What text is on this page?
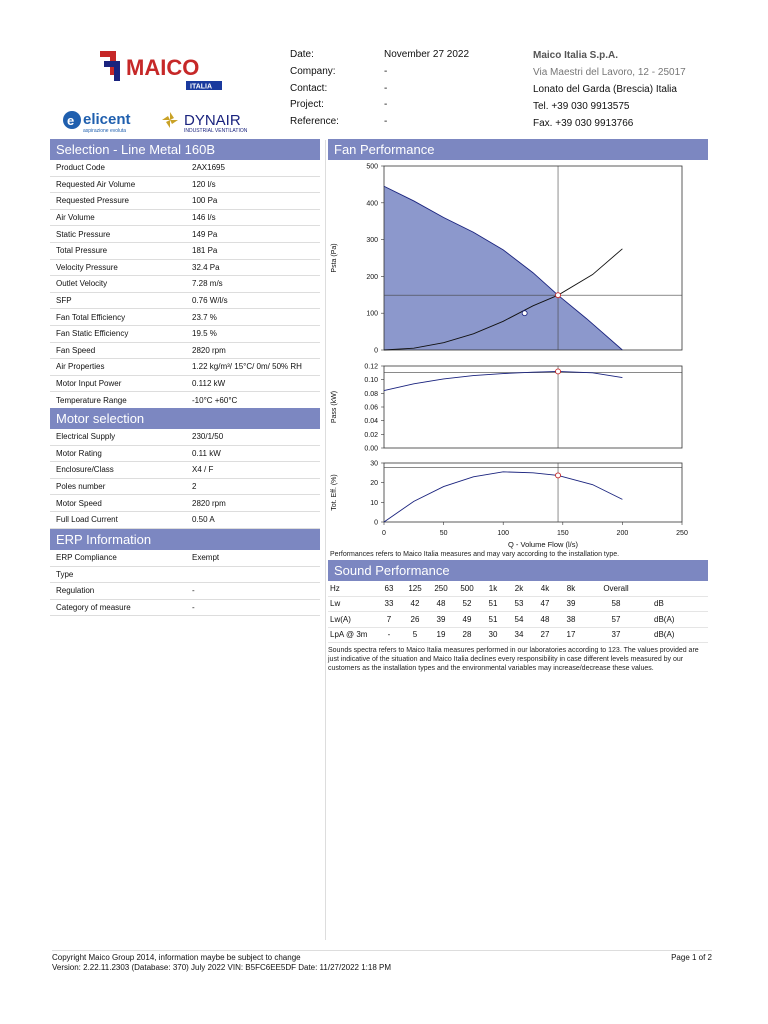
MAICO
ITALIA
e elicent
aspirazione evoluta
DYNAIR
INDUSTRIAL VENTILATION
Date:	November 27 2022
Company:	-
Contact:	-
Project:	-
Reference:	-
Maico Italia S.p.A.
Via Maestri del Lavoro, 12 - 25017
Lonato del Garda (Brescia) Italia
Tel. +39 030 9913575
Fax. +39 030 9913766
Selection - Line Metal 160B
Product Code	2AX1695
Requested Air Volume	120 l/s
Requested Pressure	100 Pa
Air Volume	146 l/s
Static Pressure	149 Pa
Total Pressure	181 Pa
Velocity Pressure	32.4 Pa
Outlet Velocity	7.28 m/s
SFP	0.76 W/l/s
Fan Total Efficiency	23.7 %
Fan Static Efficiency	19.5 %
Fan Speed	2820 rpm
Air Properties	1.22 kg/m³/ 15°C/ 0m/ 50% RH
Motor Input Power	0.112 kW
Temperature Range	-10°C +60°C
Motor selection
Electrical Supply	230/1/50
Motor Rating	0.11 kW
Enclosure/Class	X4 / F
Poles number	2
Motor Speed	2820 rpm
Full Load Current	0.50 A
ERP Information
ERP Compliance	Exempt
Type
Regulation	-
Category of measure	-
Fan Performance
0
100
200
300
400
500
Psta (Pa)
0.00
0.02
0.04
0.06
0.08
0.10
0.12
Pass (kW)
0
10
20
30
Tot. Eff. (%)
0	50	100	150	200	250
Q - Volume Flow (l/s)
Performances refers to Maico Italia measures and may vary according to the installation type.
Sound Performance
Hz	63	125	250	500	1k	2k	4k	8k	Overall
Lw	33	42	48	52	51	53	47	39	58	dB
Lw(A)	7	26	39	49	51	54	48	38	57	dB(A)
LpA @ 3m	-	5	19	28	30	34	27	17	37	dB(A)
Sounds spectra refers to Maico Italia measures performed in our laboratories according to 123. The values provided are just indicative of the situation and Maico Italia declines every responsibility in case different levels measured by our customers as the installation types and the environmental variables may increase/decrease these values.
Copyright Maico Group 2014, information maybe be subject to change
Version: 2.22.11.2303 (Database: 370) July 2022 VIN: B5FC6EE5DF Date: 11/27/2022 1:18 PM
Page 1 of 2
